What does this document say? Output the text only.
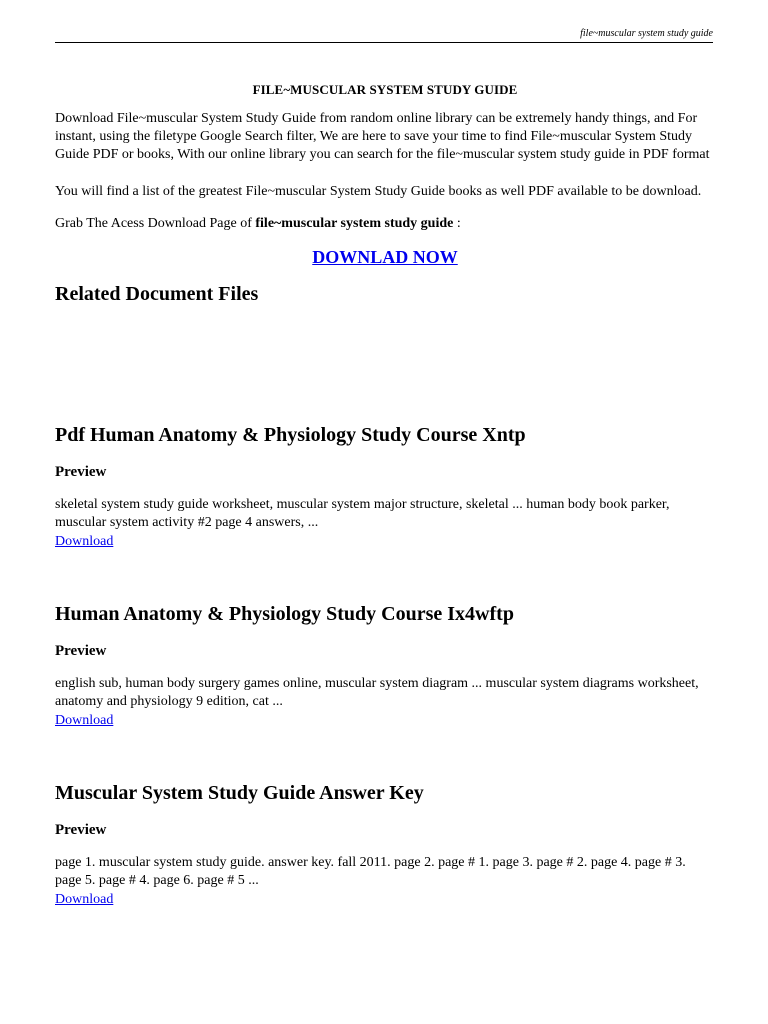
file~muscular system study guide
FILE~MUSCULAR SYSTEM STUDY GUIDE

Download File~muscular System Study Guide from random online library can be extremely handy things, and For instant, using the filetype Google Search filter, We are here to save your time to find File~muscular System Study Guide PDF or books, With our online library you can search for the file~muscular system study guide in PDF format

You will find a list of the greatest File~muscular System Study Guide books as well PDF available to be download.

Grab The Acess Download Page of file~muscular system study guide :

DOWNLAD NOW
Related Document Files
Pdf Human Anatomy & Physiology Study Course Xntp
Preview

skeletal system study guide worksheet, muscular system major structure, skeletal ... human body book parker, muscular system activity #2 page 4 answers, ...

Download
Human Anatomy & Physiology Study Course Ix4wftp
Preview

english sub, human body surgery games online, muscular system diagram ... muscular system diagrams worksheet, anatomy and physiology 9 edition, cat ...

Download
Muscular System Study Guide Answer Key
Preview

page 1. muscular system study guide. answer key. fall 2011. page 2. page # 1. page 3. page # 2. page 4. page # 3. page 5. page # 4. page 6. page # 5 ...

Download
